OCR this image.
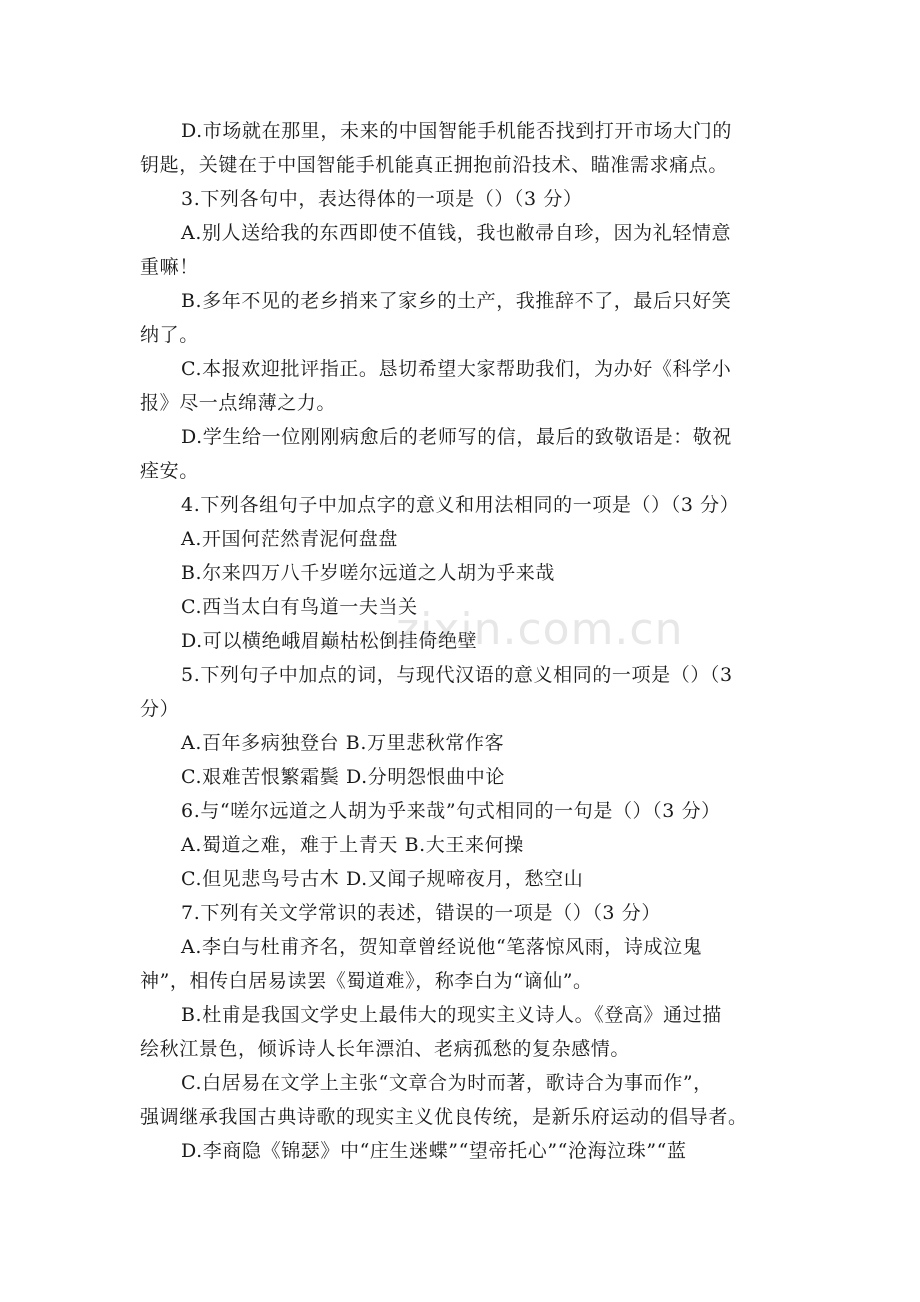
D.市场就在那里，未来的中国智能手机能否找到打开市场大门的
钥匙，关键在于中国智能手机能真正拥抱前沿技术、瞄准需求痛点。
3.下列各句中，表达得体的一项是（）（3 分）
A.别人送给我的东西即使不值钱，我也敝帚自珍，因为礼轻情意
重嘛！
B.多年不见的老乡捎来了家乡的土产，我推辞不了，最后只好笑
纳了。
C.本报欢迎批评指正。恳切希望大家帮助我们，为办好《科学小
报》尽一点绵薄之力。
D.学生给一位刚刚病愈后的老师写的信，最后的致敬语是：敬祝
痊安。
4.下列各组句子中加点字的意义和用法相同的一项是（）（3 分）
A.开国何茫然青泥何盘盘
B.尔来四万八千岁嗟尔远道之人胡为乎来哉
C.西当太白有鸟道一夫当关
D.可以横绝峨眉巅枯松倒挂倚绝壁
5.下列句子中加点的词，与现代汉语的意义相同的一项是（）（3
分）
A.百年多病独登台 B.万里悲秋常作客
C.艰难苦恨繁霜鬓 D.分明怨恨曲中论
6.与“嗟尔远道之人胡为乎来哉”句式相同的一句是（）（3 分）
A.蜀道之难，难于上青天 B.大王来何操
C.但见悲鸟号古木 D.又闻子规啼夜月，愁空山
7.下列有关文学常识的表述，错误的一项是（）（3 分）
A.李白与杜甫齐名，贺知章曾经说他“笔落惊风雨，诗成泣鬼
神”，相传白居易读罢《蜀道难》，称李白为“谪仙”。
B.杜甫是我国文学史上最伟大的现实主义诗人。《登高》通过描
绘秋江景色，倾诉诗人长年漂泊、老病孤愁的复杂感情。
C.白居易在文学上主张“文章合为时而著，歌诗合为事而作”，
强调继承我国古典诗歌的现实主义优良传统，是新乐府运动的倡导者。
D.李商隐《锦瑟》中“庄生迷蝶”“望帝托心”“沧海泣珠”“蓝
zixin.com.cn
